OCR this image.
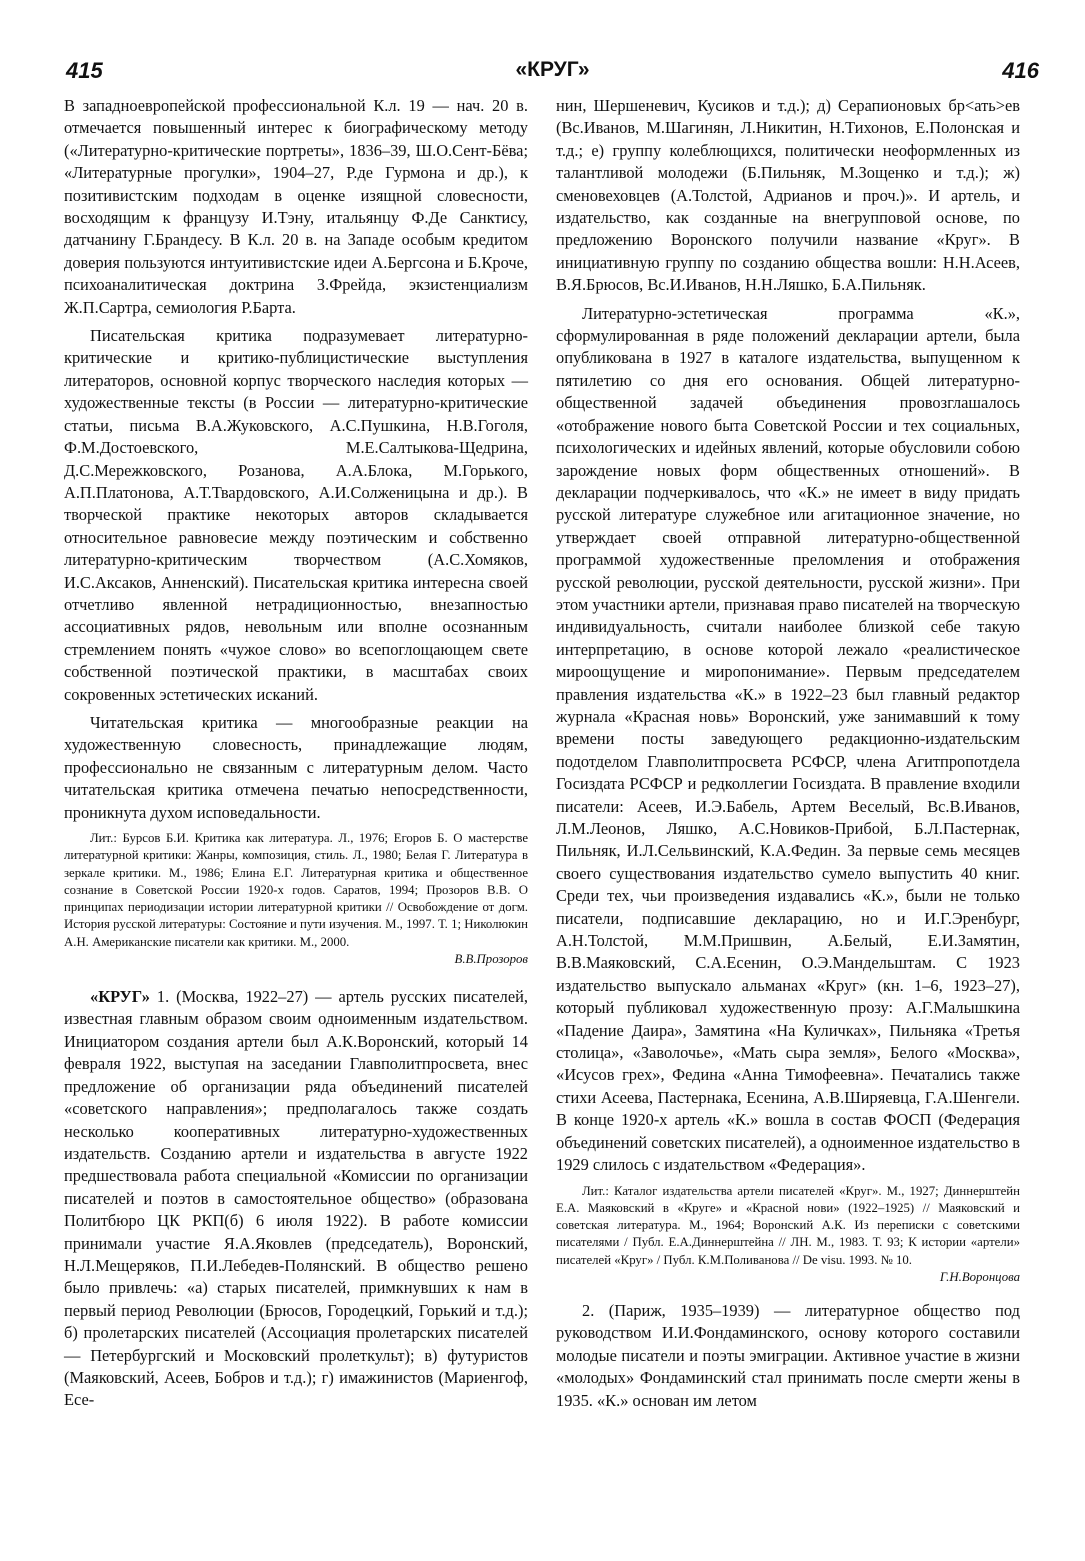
415	«КРУГ»	416

В западноевропейской профессиональной К.л. 19 — нач. 20 в. отмечается повышенный интерес к биографическому методу («Литературно-критические портреты», 1836–39, Ш.О.Сент-Бёва; «Литературные прогулки», 1904–27, Р.де Гурмона и др.), к позитивистским подходам в оценке изящной словесности, восходящим к французу И.Тэну, итальянцу Ф.Де Санктису, датчанину Г.Брандесу. В К.л. 20 в. на Западе особым кредитом доверия пользуются интуитивистские идеи А.Бергсона и Б.Кроче, психоаналитическая доктрина З.Фрейда, экзистенциализм Ж.П.Сартра, семиология Р.Барта.

Писательская критика подразумевает литературно-критические и критико-публицистические выступления литераторов, основной корпус творческого наследия которых — художественные тексты (в России — литературно-критические статьи, письма В.А.Жуковского, А.С.Пушкина, Н.В.Гоголя, Ф.М.Достоевского, М.Е.Салтыкова-Щедрина, Д.С.Мережковского, Розанова, А.А.Блока, М.Горького, А.П.Платонова, А.Т.Твардовского, А.И.Солженицына и др.). В творческой практике некоторых авторов складывается относительное равновесие между поэтическим и собственно литературно-критическим творчеством (А.С.Хомяков, И.С.Аксаков, Анненский). Писательская критика интересна своей отчетливо явленной нетрадиционностью, внезапностью ассоциативных рядов, невольным или вполне осознанным стремлением понять «чужое слово» во всепоглощающем свете собственной поэтической практики, в масштабах своих сокровенных эстетических исканий.

Читательская критика — многообразные реакции на художественную словесность, принадлежащие людям, профессионально не связанным с литературным делом. Часто читательская критика отмечена печатью непосредственности, проникнута духом исповедальности.

Лит.: Бурсов Б.И. Критика как литература. Л., 1976; Егоров Б. О мастерстве литературной критики: Жанры, композиция, стиль. Л., 1980; Белая Г. Литература в зеркале критики. М., 1986; Елина Е.Г. Литературная критика и общественное сознание в Советской России 1920-х годов. Саратов, 1994; Прозоров В.В. О принципах периодизации истории литературной критики // Освобождение от догм. История русской литературы: Состояние и пути изучения. М., 1997. Т. 1; Николюкин А.Н. Американские писатели как критики. М., 2000.

В.В.Прозоров

«КРУГ» 1. (Москва, 1922–27) — артель русских писателей, известная главным образом своим одноименным издательством. Инициатором создания артели был А.К.Воронский, который 14 февраля 1922, выступая на заседании Главполитпросвета, внес предложение об организации ряда объединений писателей «советского направления»; предполагалось также создать несколько кооперативных литературно-художественных издательств. Созданию артели и издательства в августе 1922 предшествовала работа специальной «Комиссии по организации писателей и поэтов в самостоятельное общество» (образована Политбюро ЦК РКП(б) 6 июля 1922). В работе комиссии принимали участие Я.А.Яковлев (председатель), Воронский, Н.Л.Мещеряков, П.И.Лебедев-Полянский. В общество решено было привлечь: «а) старых писателей, примкнувших к нам в первый период Революции (Брюсов, Городецкий, Горький и т.д.); б) пролетарских писателей (Ассоциация пролетарских писателей — Петербургский и Московский пролеткульт); в) футуристов (Маяковский, Асеев, Бобров и т.д.); г) имажинистов (Мариенгоф, Есе-

нин, Шершеневич, Кусиков и т.д.); д) Серапионовых бр<ать>ев (Вс.Иванов, М.Шагинян, Л.Никитин, Н.Тихонов, Е.Полонская и т.д.; е) группу колеблющихся, политически неоформленных из талантливой молодежи (Б.Пильняк, М.Зощенко и т.д.); ж) сменовеховцев (А.Толстой, Адрианов и проч.)». И артель, и издательство, как созданные на внегрупповой основе, по предложению Воронского получили название «Круг». В инициативную группу по созданию общества вошли: Н.Н.Асеев, В.Я.Брюсов, Вс.И.Иванов, Н.Н.Ляшко, Б.А.Пильняк.

Литературно-эстетическая программа «К.», сформулированная в ряде положений декларации артели, была опубликована в 1927 в каталоге издательства, выпущенном к пятилетию со дня его основания. Общей литературно-общественной задачей объединения провозглашалось «отображение нового быта Советской России и тех социальных, психологических и идейных явлений, которые обусловили собою зарождение новых форм общественных отношений». В декларации подчеркивалось, что «К.» не имеет в виду придать русской литературе служебное или агитационное значение, но утверждает своей отправной литературно-общественной программой художественные преломления и отображения русской революции, русской деятельности, русской жизни». При этом участники артели, признавая право писателей на творческую индивидуальность, считали наиболее близкой себе такую интерпретацию, в основе которой лежало «реалистическое мироощущение и миропонимание». Первым председателем правления издательства «К.» в 1922–23 был главный редактор журнала «Красная новь» Воронский, уже занимавший к тому времени посты заведующего редакционно-издательским подотделом Главполитпросвета РСФСР, члена Агитпропотдела Госиздата РСФСР и редколлегии Госиздата. В правление входили писатели: Асеев, И.Э.Бабель, Артем Веселый, Вс.В.Иванов, Л.М.Леонов, Ляшко, А.С.Новиков-Прибой, Б.Л.Пастернак, Пильняк, И.Л.Сельвинский, К.А.Федин. За первые семь месяцев своего существования издательство сумело выпустить 40 книг. Среди тех, чьи произведения издавались «К.», были не только писатели, подписавшие декларацию, но и И.Г.Эренбург, А.Н.Толстой, М.М.Пришвин, А.Белый, Е.И.Замятин, В.В.Маяковский, С.А.Есенин, О.Э.Мандельштам. С 1923 издательство выпускало альманах «Круг» (кн. 1–6, 1923–27), который публиковал художественную прозу: А.Г.Малышкина «Падение Даира», Замятина «На Куличках», Пильняка «Третья столица», «Заволочье», «Мать сыра земля», Белого «Москва», «Исусов грех», Федина «Анна Тимофеевна». Печатались также стихи Асеева, Пастернака, Есенина, А.В.Ширяевца, Г.А.Шенгели. В конце 1920-х артель «К.» вошла в состав ФОСП (Федерация объединений советских писателей), а одноименное издательство в 1929 слилось с издательством «Федерация».

Лит.: Каталог издательства артели писателей «Круг». М., 1927; Диннерштейн Е.А. Маяковский в «Круге» и «Красной нови» (1922–1925) // Маяковский и советская литература. М., 1964; Воронский А.К. Из переписки с советскими писателями / Публ. Е.А.Диннерштейна // ЛН. М., 1983. Т. 93; К истории «артели» писателей «Круг» / Публ. К.М.Поливанова // De visu. 1993. № 10.

Г.Н.Воронцова

2. (Париж, 1935–1939) — литературное общество под руководством И.И.Фондаминского, основу которого составили молодые писатели и поэты эмиграции. Активное участие в жизни «молодых» Фондаминский стал принимать после смерти жены в 1935. «К.» основан им летом
